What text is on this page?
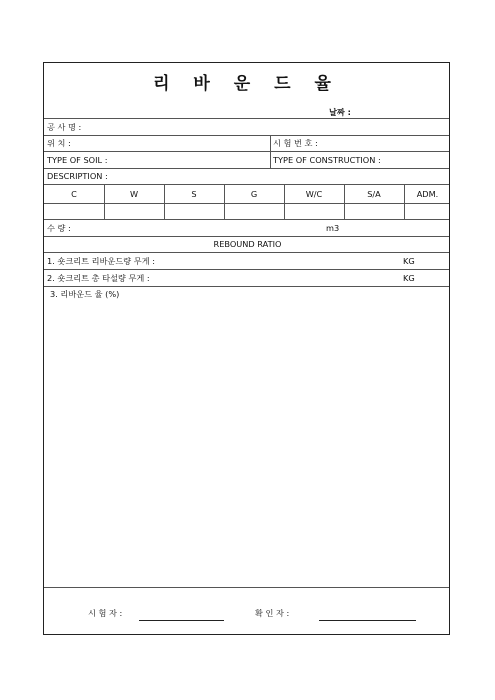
리 바 운 드 율
날짜 :
공 사 명 :
위 치 :	시 험 번 호 :
TYPE OF SOIL :	TYPE OF CONSTRUCTION :
DESCRIPTION :
C	W	S	G	W/C	S/A	ADM.
수 량 :	m3
REBOUND RATIO
1. 숏크리트 리바운드량 무게 :	KG
2. 숏크리트 총 타설량 무게 :	KG
3. 리바운드 율 (%)
시 험 자 :	확 인 자 :
